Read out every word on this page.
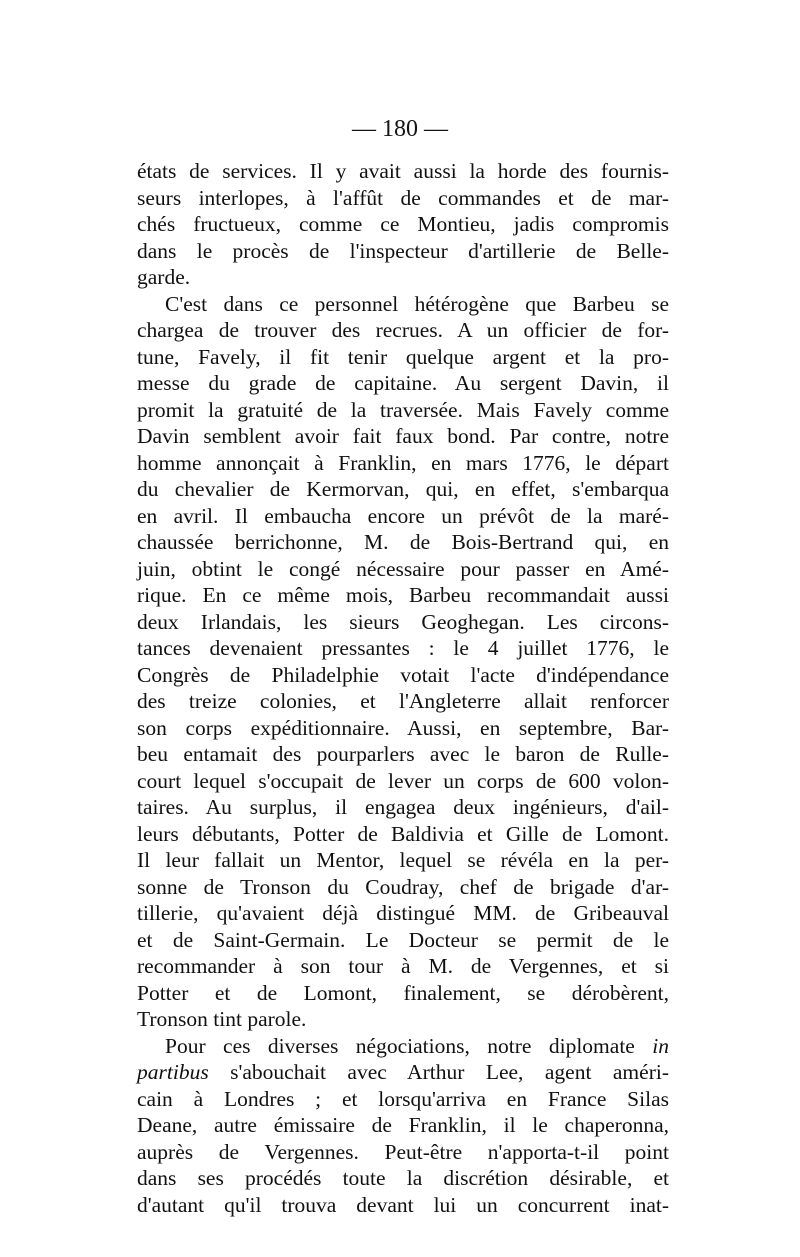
— 180 —
états de services. Il y avait aussi la horde des fournis-
seurs interlopes, à l'affût de commandes et de mar-
chés fructueux, comme ce Montieu, jadis compromis
dans le procès de l'inspecteur d'artillerie de Belle-
garde.
C'est dans ce personnel hétérogène que Barbeu se
chargea de trouver des recrues. A un officier de for-
tune, Favely, il fit tenir quelque argent et la pro-
messe du grade de capitaine. Au sergent Davin, il
promit la gratuité de la traversée. Mais Favely comme
Davin semblent avoir fait faux bond. Par contre, notre
homme annonçait à Franklin, en mars 1776, le départ
du chevalier de Kermorvan, qui, en effet, s'embarqua
en avril. Il embaucha encore un prévôt de la maré-
chaussée berrichonne, M. de Bois-Bertrand qui, en
juin, obtint le congé nécessaire pour passer en Amé-
rique. En ce même mois, Barbeu recommandait aussi
deux Irlandais, les sieurs Geoghegan. Les circons-
tances devenaient pressantes : le 4 juillet 1776, le
Congrès de Philadelphie votait l'acte d'indépendance
des treize colonies, et l'Angleterre allait renforcer
son corps expéditionnaire. Aussi, en septembre, Bar-
beu entamait des pourparlers avec le baron de Rulle-
court lequel s'occupait de lever un corps de 600 volon-
taires. Au surplus, il engagea deux ingénieurs, d'ail-
leurs débutants, Potter de Baldivia et Gille de Lomont.
Il leur fallait un Mentor, lequel se révéla en la per-
sonne de Tronson du Coudray, chef de brigade d'ar-
tillerie, qu'avaient déjà distingué MM. de Gribeauval
et de Saint-Germain. Le Docteur se permit de le
recommander à son tour à M. de Vergennes, et si
Potter et de Lomont, finalement, se dérobèrent,
Tronson tint parole.
Pour ces diverses négociations, notre diplomate in
partibus s'abouchait avec Arthur Lee, agent améri-
cain à Londres ; et lorsqu'arriva en France Silas
Deane, autre émissaire de Franklin, il le chaperonna,
auprès de Vergennes. Peut-être n'apporta-t-il point
dans ses procédés toute la discrétion désirable, et
d'autant qu'il trouva devant lui un concurrent inat-
